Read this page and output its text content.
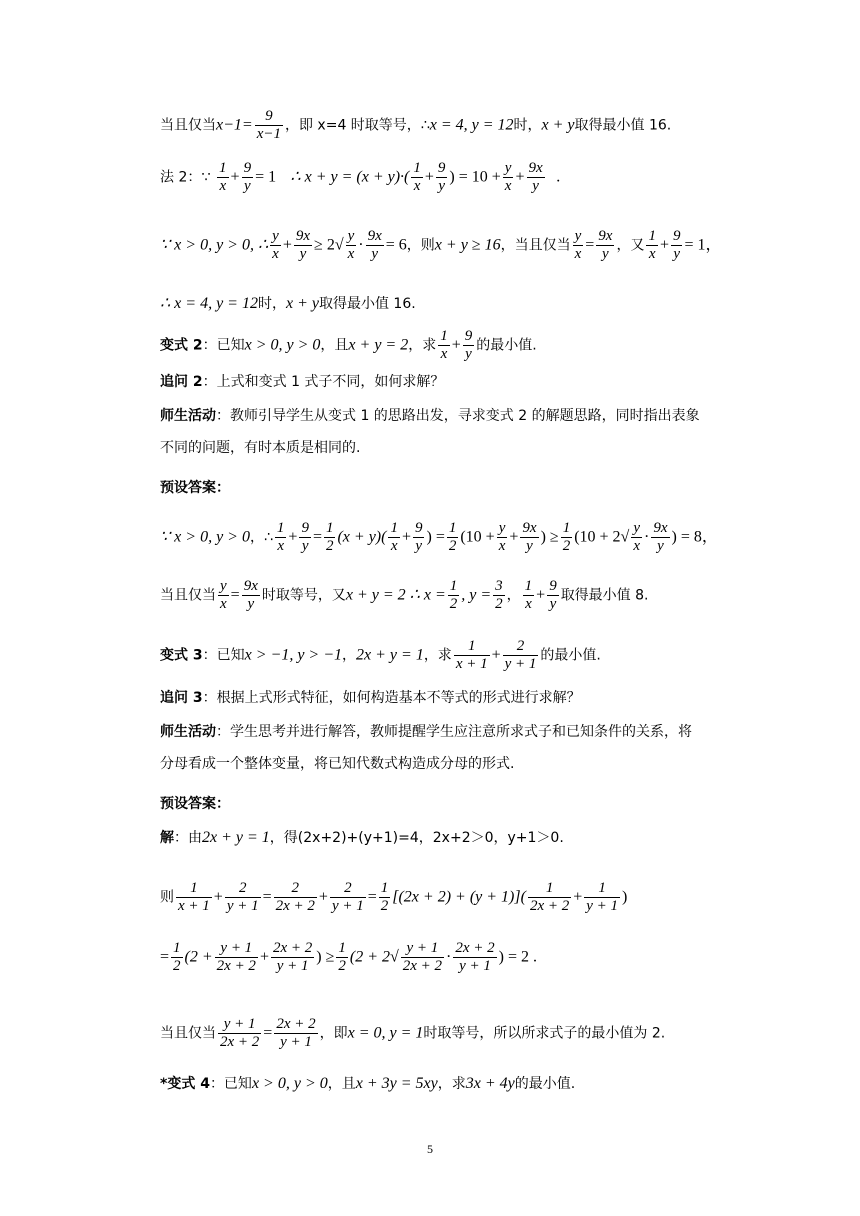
当且仅当$x-1= \frac{9}{x-1}$ ，即 x=4 时取等号，∴x = 4, y = 12时，x + y取得最小值 16.
法 2：∵ $\frac{1}{x} + \frac{9}{y} = 1$ ∴ $x + y = (x + y)\cdot( \frac{1}{x} + \frac{9}{y}$ ) = $10 + \frac{y}{x} + \frac{9x}{y}$ .
∵ x > 0, y > 0, ∴ $\frac{y}{x} + \frac{9x}{y} \ge 2√ \frac{y}{x} \cdot \frac{9x}{y} = 6$，则x + y ≥ 16，当且仅当 $\frac{y}{x} = \frac{9x}{y}$ ，又 $\frac{1}{x} + \frac{9}{y} = 1$，
∴ x = 4, y = 12时，x + y取得最小值 16.
变式 2：已知x > 0, y > 0，且x + y = 2，求 $\frac{1}{x} + \frac{9}{y}$ 的最小值.
追问 2：上式和变式 1 式子不同，如何求解？
师生活动：教师引导学生从变式 1 的思路出发，寻求变式 2 的解题思路，同时指出表象
不同的问题，有时本质是相同的.
预设答案：
∵ x > 0, y > 0，∴ $\frac{1}{x} + \frac{9}{y} = \frac{1}{2} (x + y)( \frac{1}{x} + \frac{9}{y}$ ) = $\frac{1}{2} (10 + \frac{y}{x} + \frac{9x}{y}$ ) ≥ $\frac{1}{2} (10 + 2√ \frac{y}{x} \cdot \frac{9x}{y}$ ) = 8，
当且仅当 $\frac{y}{x} = \frac{9x}{y}$ 时取等号，又x + y = 2 ∴ $x = \frac{1}{2}$ , $y = \frac{3}{2}$ ， $\frac{1}{x} + \frac{9}{y}$ 取得最小值 8.
变式 3：已知x > −1, y > −1，2x + y = 1，求 $\frac{1}{x + 1} + \frac{2}{y + 1}$ 的最小值.
追问 3：根据上式形式特征，如何构造基本不等式的形式进行求解？
师生活动：学生思考并进行解答，教师提醒学生应注意所求式子和已知条件的关系，将
分母看成一个整体变量，将已知代数式构造成分母的形式.
预设答案：
解：由2x + y = 1，得(2x+2)+(y+1)=4，2x+2＞0，y+1＞0.
则 $\frac{1}{x + 1} + \frac{2}{y + 1} = \frac{2}{2x + 2} + \frac{2}{y + 1} = \frac{1}{2} [(2x + 2) + (y + 1)]( \frac{1}{2x + 2} + \frac{1}{y + 1}$ )
= $\frac{1}{2} (2 + \frac{y + 1}{2x + 2} + \frac{2x + 2}{y + 1}$ ) ≥ $\frac{1}{2} (2 + 2√ \frac{y + 1}{2x + 2} \cdot \frac{2x + 2}{y + 1}$ ) = 2 .
当且仅当 $\frac{y + 1}{2x + 2} = \frac{2x + 2}{y + 1}$ ，即x = 0, y = 1时取等号，所以所求式子的最小值为 2.
*变式 4：已知x > 0, y > 0，且x + 3y = 5xy，求3x + 4y的最小值.
5
